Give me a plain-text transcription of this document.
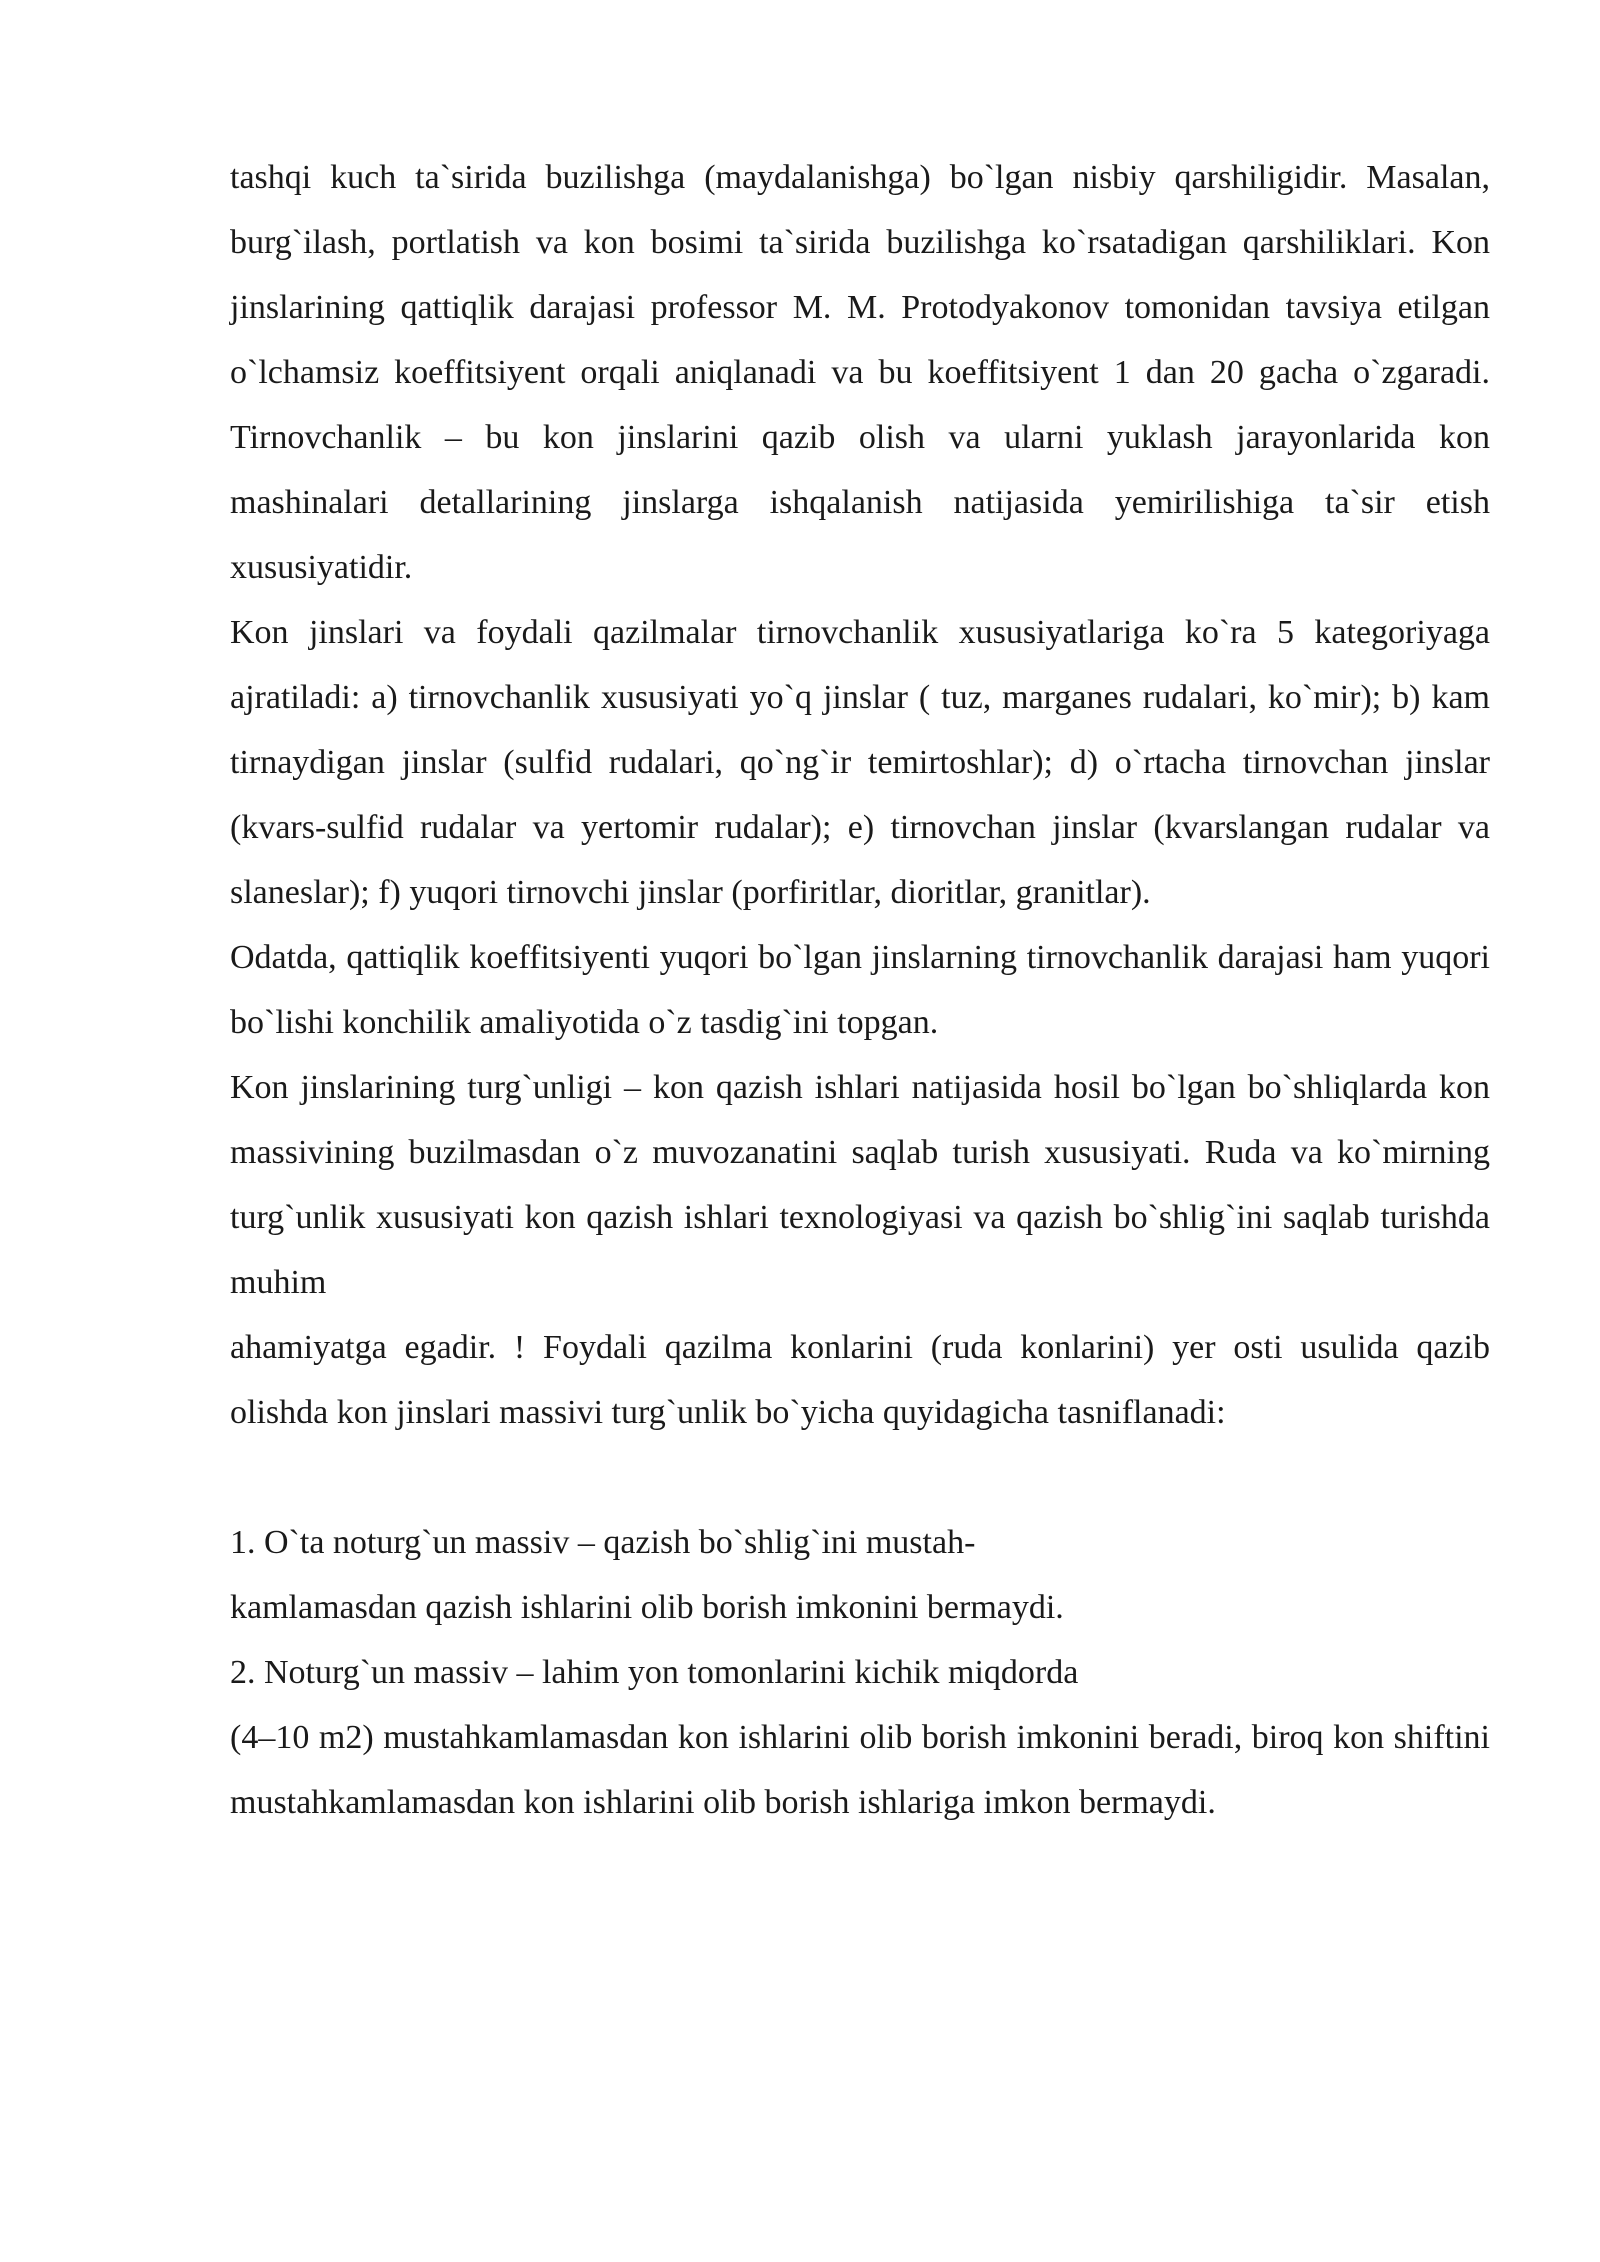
tashqi kuch ta`sirida buzilishga (maydalanishga) bo`lgan nisbiy qarshiligidir. Masalan, burg`ilash, portlatish va kon bosimi ta`sirida buzilishga ko`rsatadigan qarshiliklari. Kon jinslarining qattiqlik darajasi professor M. M. Protodyakonov tomonidan tavsiya etilgan o`lchamsiz koeffitsiyent orqali aniqlanadi va bu koeffitsiyent 1 dan 20 gacha o`zgaradi. Tirnovchanlik – bu kon jinslarini qazib olish va ularni yuklash jarayonlarida kon mashinalari detallarining jinslarga ishqalanish natijasida yemirilishiga ta`sir etish xususiyatidir.

Kon jinslari va foydali qazilmalar tirnovchanlik xususiyatlariga ko`ra 5 kategoriyaga ajratiladi: a) tirnovchanlik xususiyati yo`q jinslar ( tuz, marganes rudalari, ko`mir); b) kam tirnaydigan jinslar (sulfid rudalari, qo`ng`ir temirtoshlar); d) o`rtacha tirnovchan jinslar (kvars-sulfid rudalar va yertomir rudalar); e) tirnovchan jinslar (kvarslangan rudalar va slaneslar); f) yuqori tirnovchi jinslar (porfiritlar, dioritlar, granitlar).

Odatda, qattiqlik koeffitsiyenti yuqori bo`lgan jinslarning tirnovchanlik darajasi ham yuqori bo`lishi konchilik amaliyotida o`z tasdig`ini topgan.

Kon jinslarining turg`unligi – kon qazish ishlari natijasida hosil bo`lgan bo`shliqlarda kon massivining buzilmasdan o`z muvozanatini saqlab turish xususiyati. Ruda va ko`mirning turg`unlik xususiyati kon qazish ishlari texnologiyasi va qazish bo`shlig`ini saqlab turishda muhim

ahamiyatga egadir. ! Foydali qazilma konlarini (ruda konlarini) yer osti usulida qazib olishda kon jinslari massivi turg`unlik bo`yicha quyidagicha tasniflanadi:

1. O`ta noturg`un massiv – qazish bo`shlig`ini mustah-

kamlamasdan qazish ishlarini olib borish imkonini bermaydi.

2. Noturg`un massiv – lahim yon tomonlarini kichik miqdorda

(4–10 m2) mustahkamlamasdan kon ishlarini olib borish imkonini beradi, biroq kon shiftini mustahkamlamasdan kon ishlarini olib borish ishlariga imkon bermaydi.
